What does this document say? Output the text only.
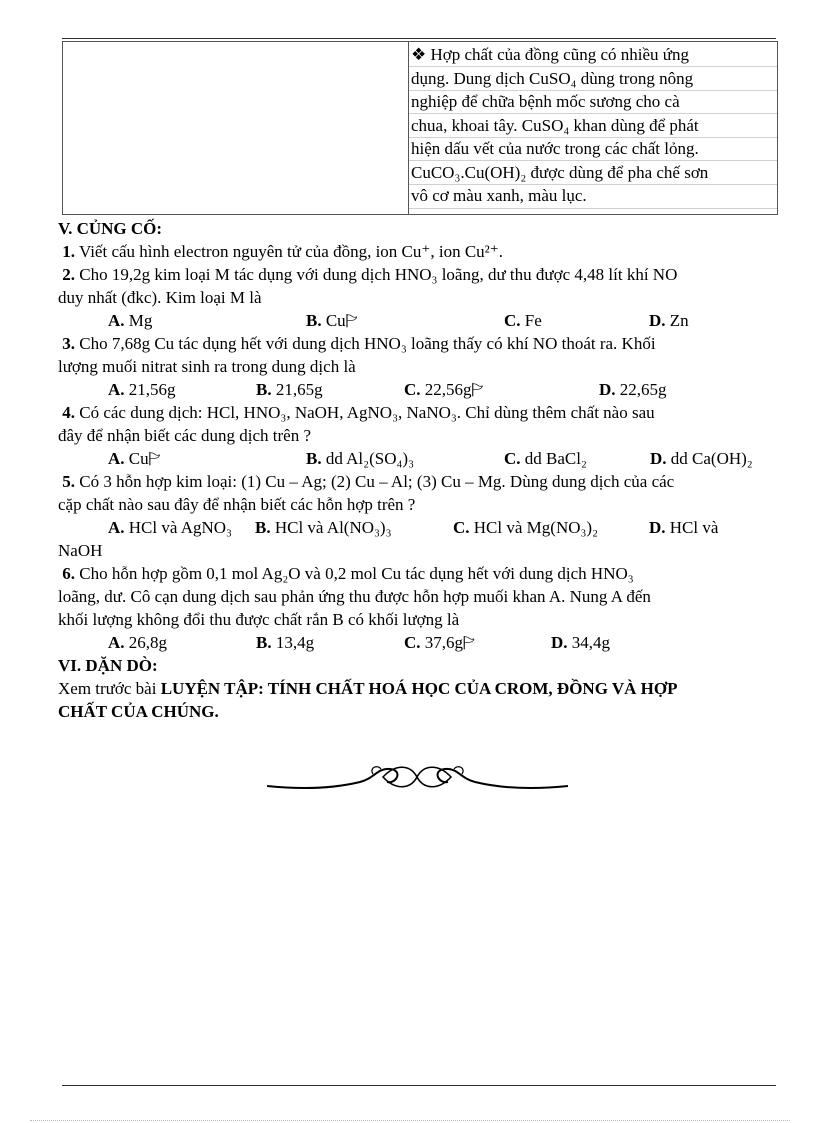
❖ Hợp chất của đồng cũng có nhiều ứng
dụng. Dung dịch CuSO₄ dùng trong nông
nghiệp để chữa bệnh mốc sương cho cà
chua, khoai tây. CuSO₄ khan dùng để phát
hiện dấu vết của nước trong các chất lỏng.
CuCO₃.Cu(OH)₂ được dùng để pha chế sơn
vô cơ màu xanh, màu lục.
V. CỦNG CỐ:
1. Viết cấu hình electron nguyên tử của đồng, ion Cu⁺, ion Cu²⁺.
2. Cho 19,2g kim loại M tác dụng với dung dịch HNO₃ loãng, dư thu được 4,48 lít khí NO
duy nhất (đkc). Kim loại M là
A. Mg	B. Cu🏱	C. Fe	D. Zn
3. Cho 7,68g Cu tác dụng hết với dung dịch HNO₃ loãng thấy có khí NO thoát ra. Khối
lượng muối nitrat sinh ra trong dung dịch là
A. 21,56g	B. 21,65g	C. 22,56g🏱	D. 22,65g
4. Có các dung dịch: HCl, HNO₃, NaOH, AgNO₃, NaNO₃. Chỉ dùng thêm chất nào sau
đây để nhận biết các dung dịch trên ?
A. Cu🏱	B. dd Al₂(SO₄)₃	C. dd BaCl₂	D. dd Ca(OH)₂
5. Có 3 hỗn hợp kim loại: (1) Cu – Ag; (2) Cu – Al; (3) Cu – Mg. Dùng dung dịch của các
cặp chất nào sau đây để nhận biết các hỗn hợp trên ?
A. HCl và AgNO₃ B. HCl và Al(NO₃)₃	C. HCl và Mg(NO₃)₂	D. HCl và
NaOH
6. Cho hỗn hợp gồm 0,1 mol Ag₂O và 0,2 mol Cu tác dụng hết với dung dịch HNO₃
loãng, dư. Cô cạn dung dịch sau phản ứng thu được hỗn hợp muối khan A. Nung A đến
khối lượng không đổi thu được chất rắn B có khối lượng là
A. 26,8g	B. 13,4g	C. 37,6g🏱	D. 34,4g
VI. DẶN DÒ:
Xem trước bài LUYỆN TẬP: TÍNH CHẤT HOÁ HỌC CỦA CROM, ĐỒNG VÀ HỢP
CHẤT CỦA CHÚNG.
